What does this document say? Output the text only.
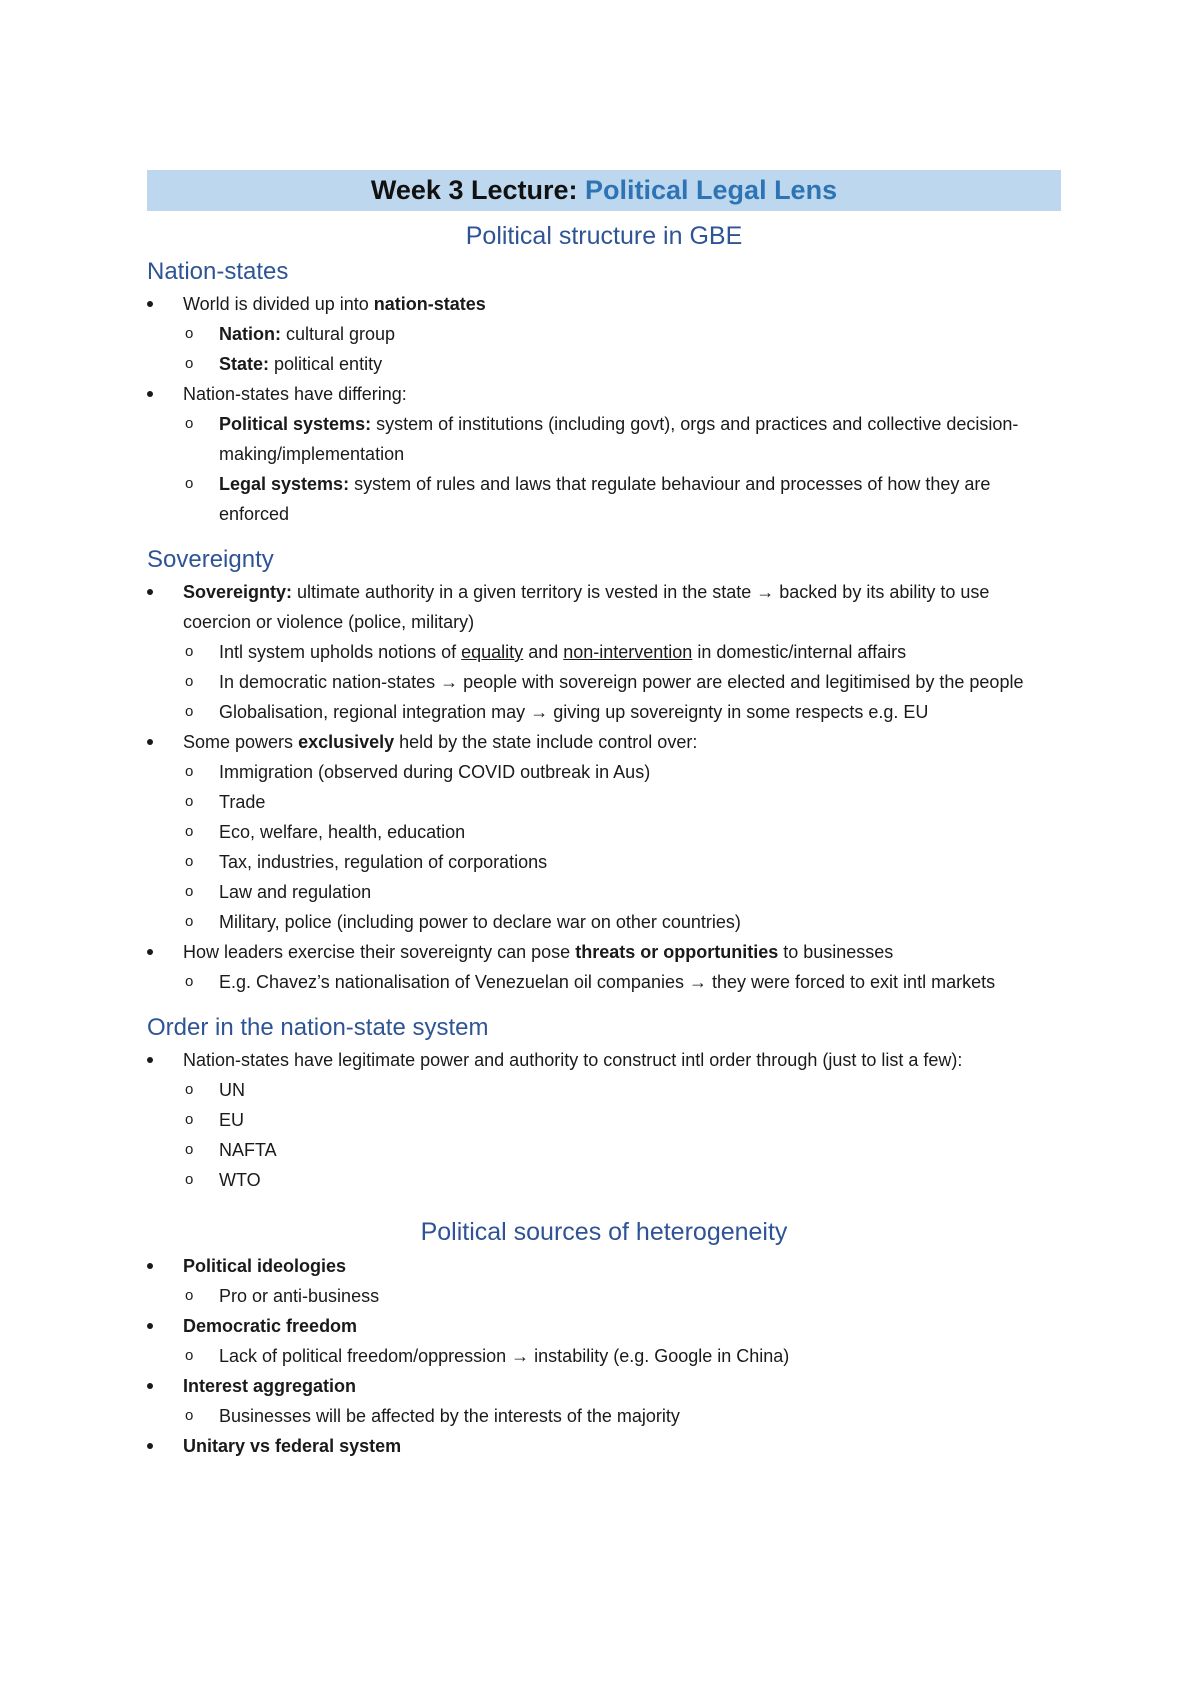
Week 3 Lecture: Political Legal Lens
Political structure in GBE
Nation-states
World is divided up into nation-states
o Nation: cultural group
o State: political entity
Nation-states have differing:
o Political systems: system of institutions (including govt), orgs and practices and collective decision-making/implementation
o Legal systems: system of rules and laws that regulate behaviour and processes of how they are enforced
Sovereignty
Sovereignty: ultimate authority in a given territory is vested in the state → backed by its ability to use coercion or violence (police, military)
o Intl system upholds notions of equality and non-intervention in domestic/internal affairs
o In democratic nation-states → people with sovereign power are elected and legitimised by the people
o Globalisation, regional integration may → giving up sovereignty in some respects e.g. EU
Some powers exclusively held by the state include control over:
o Immigration (observed during COVID outbreak in Aus)
o Trade
o Eco, welfare, health, education
o Tax, industries, regulation of corporations
o Law and regulation
o Military, police (including power to declare war on other countries)
How leaders exercise their sovereignty can pose threats or opportunities to businesses
o E.g. Chavez’s nationalisation of Venezuelan oil companies → they were forced to exit intl markets
Order in the nation-state system
Nation-states have legitimate power and authority to construct intl order through (just to list a few):
o UN
o EU
o NAFTA
o WTO
Political sources of heterogeneity
Political ideologies
o Pro or anti-business
Democratic freedom
o Lack of political freedom/oppression → instability (e.g. Google in China)
Interest aggregation
o Businesses will be affected by the interests of the majority
Unitary vs federal system
